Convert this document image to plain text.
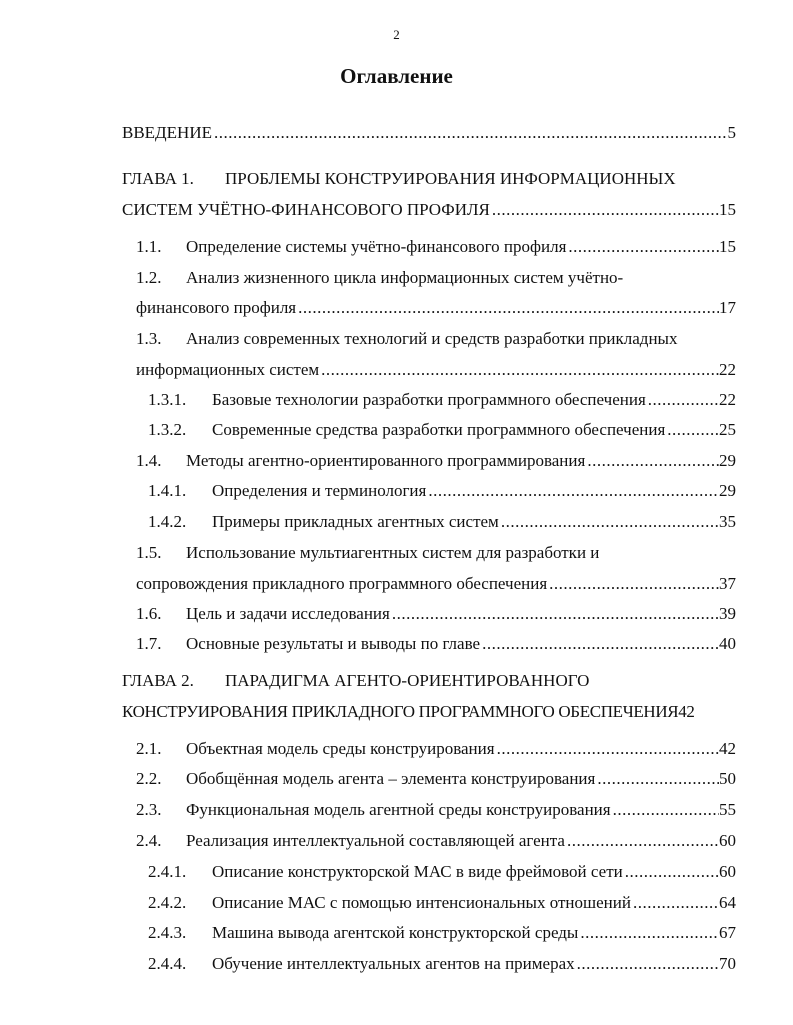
2
Оглавление
ВВЕДЕНИЕ .....	5
ГЛАВА 1. ПРОБЛЕМЫ КОНСТРУИРОВАНИЯ ИНФОРМАЦИОННЫХ
СИСТЕМ УЧЁТНО-ФИНАНСОВОГО ПРОФИЛЯ .....	15
1.1.	Определение системы учётно-финансового профиля .....	15
1.2. Анализ жизненного цикла информационных систем учётно-
финансового профиля .....	17
1.3. Анализ современных технологий и средств разработки прикладных
информационных систем .....	22
1.3.1.	Базовые технологии разработки программного обеспечения .....	22
1.3.2.	Современные средства разработки программного обеспечения .....	25
1.4.	Методы агентно-ориентированного программирования .....	29
1.4.1.	Определения и терминология .....	29
1.4.2.	Примеры прикладных агентных систем .....	35
1.5. Использование мультиагентных систем для разработки и
сопровождения прикладного программного обеспечения .....	37
1.6.	Цель и задачи исследования .....	39
1.7.	Основные результаты и выводы по главе .....	40
ГЛАВА 2. ПАРАДИГМА АГЕНТО-ОРИЕНТИРОВАННОГО
КОНСТРУИРОВАНИЯ ПРИКЛАДНОГО ПРОГРАММНОГО ОБЕСПЕЧЕНИЯ42
2.1.	Объектная модель среды конструирования .....	42
2.2.	Обобщённая модель агента – элемента конструирования .....	50
2.3.	Функциональная модель агентной среды конструирования .....	55
2.4.	Реализация интеллектуальной составляющей агента .....	60
2.4.1.	Описание конструкторской МАС в виде фреймовой сети .....	60
2.4.2.	Описание МАС с помощью интенсиональных отношений .....	64
2.4.3.	Машина вывода агентской конструкторской среды .....	67
2.4.4.	Обучение интеллектуальных агентов на примерах .....	70
